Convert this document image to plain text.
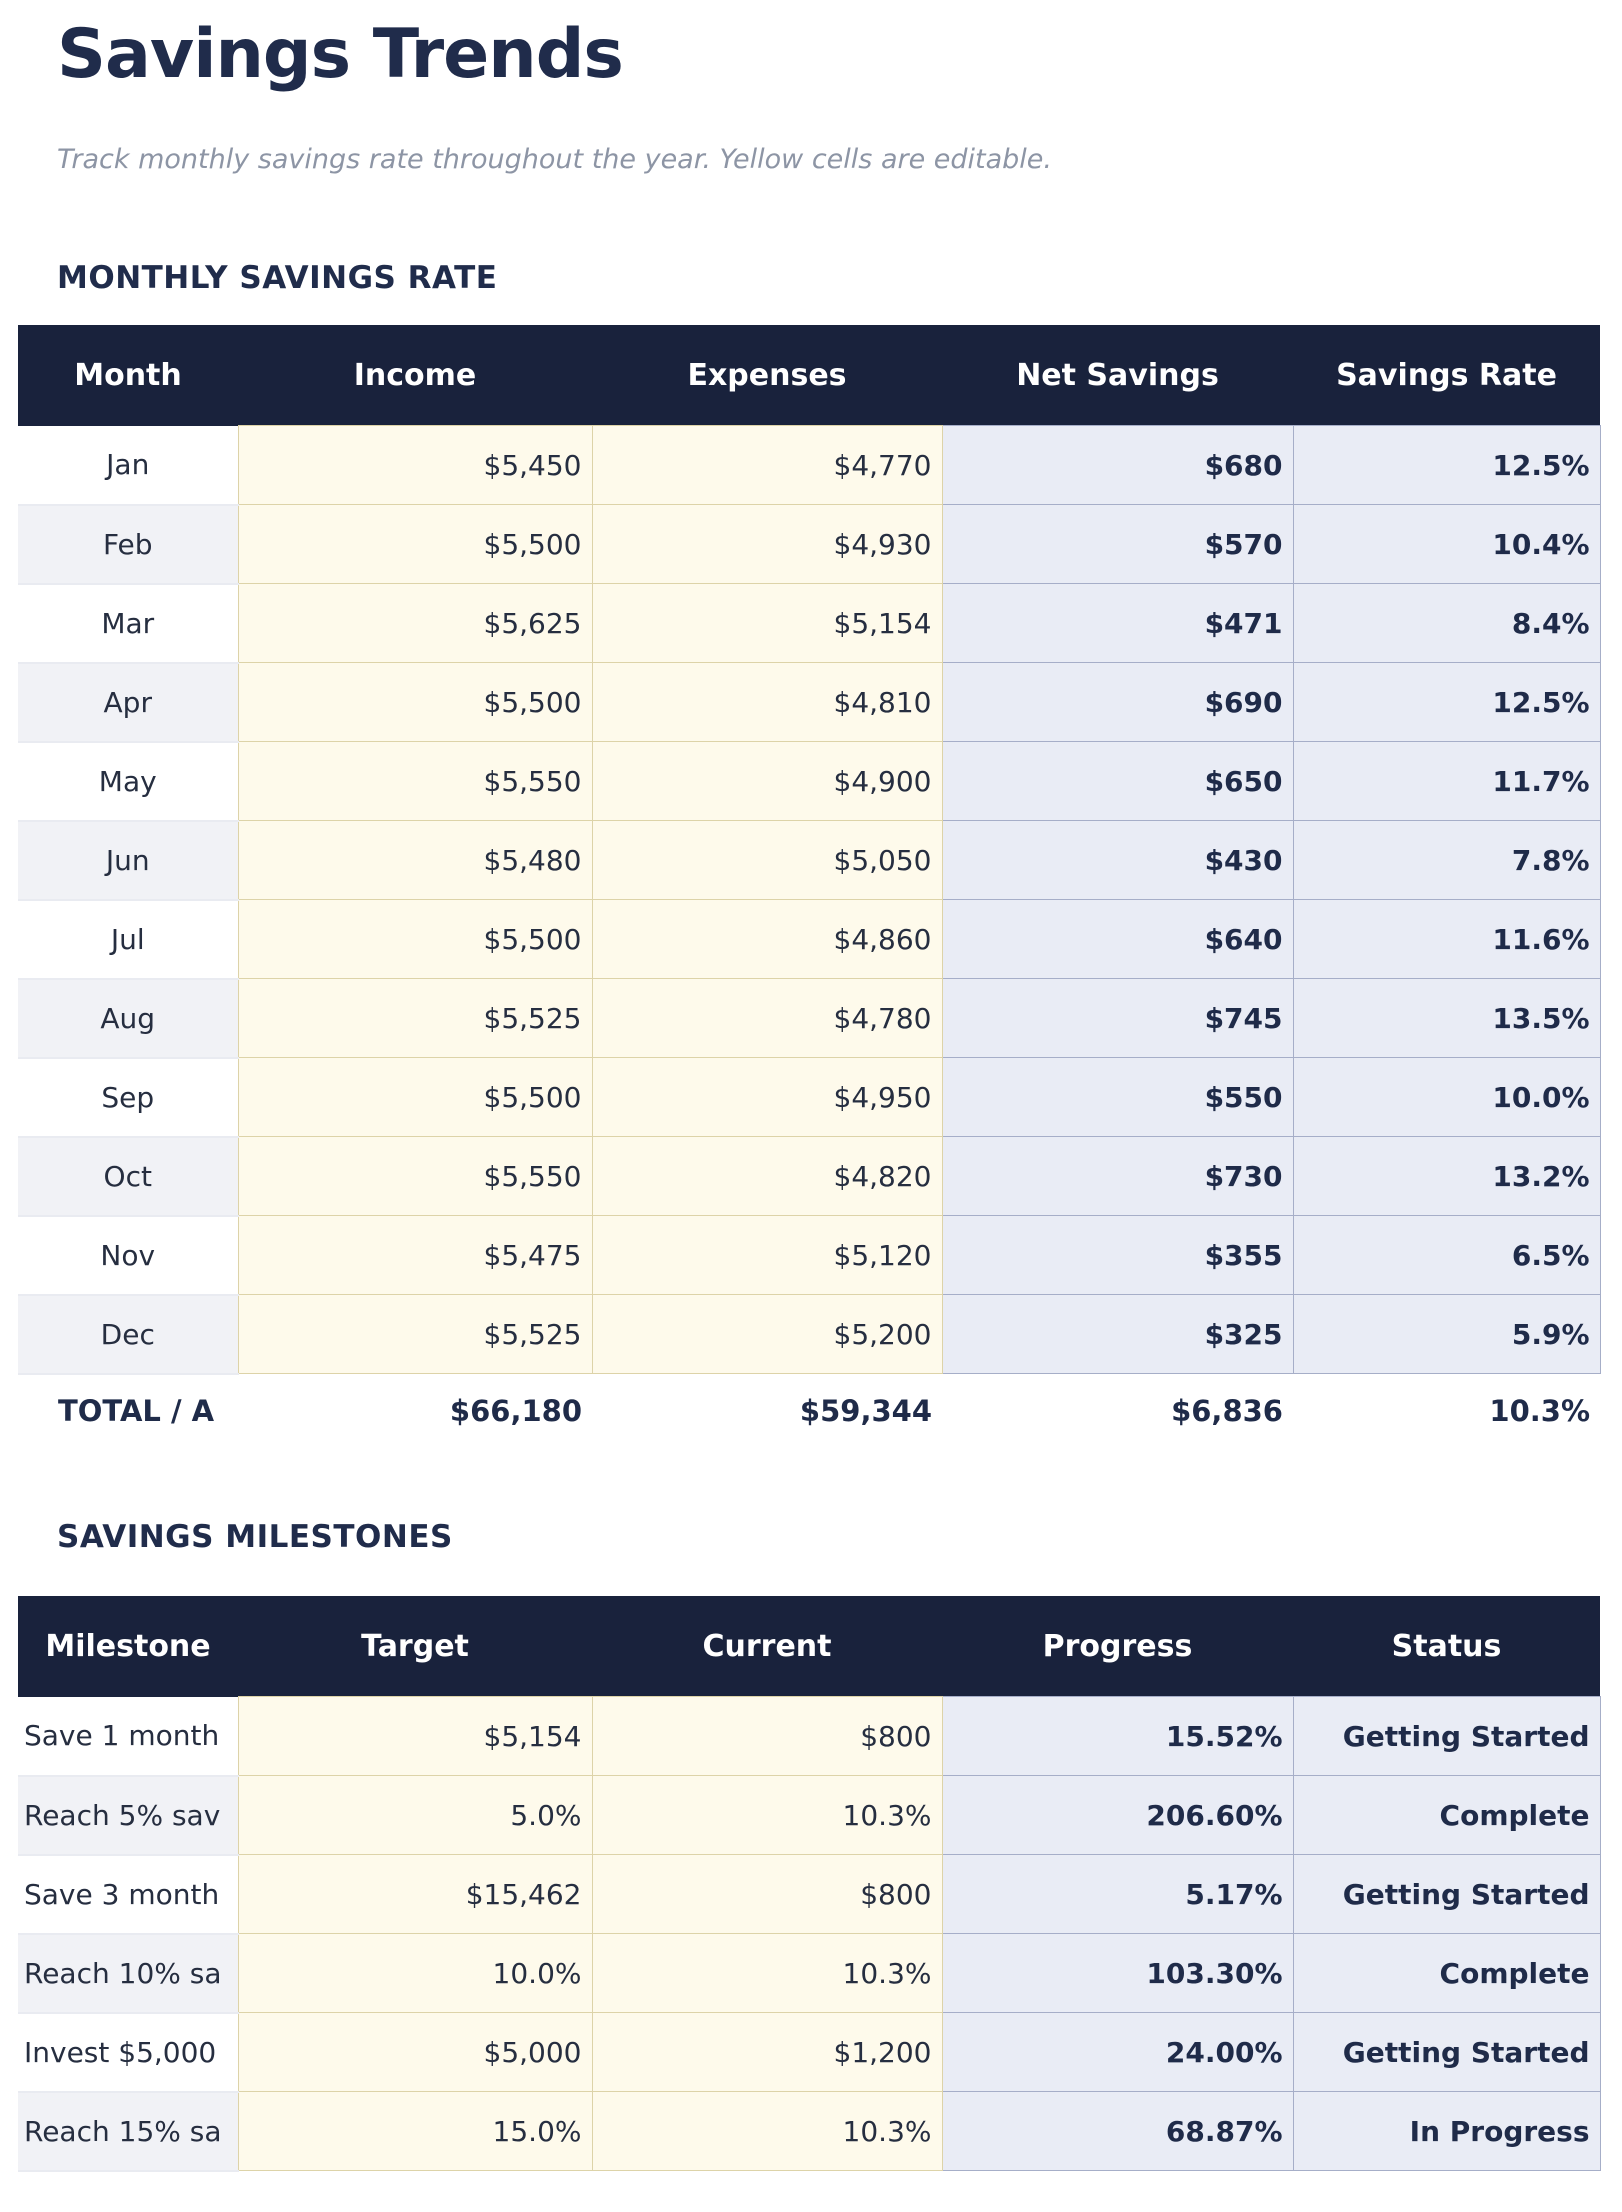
Savings Trends

Track monthly savings rate throughout the year. Yellow cells are editable.

MONTHLY SAVINGS RATE
Month	Income	Expenses	Net Savings	Savings Rate
Jan	$5,450	$4,770	$680	12.5%
Feb	$5,500	$4,930	$570	10.4%
Mar	$5,625	$5,154	$471	8.4%
Apr	$5,500	$4,810	$690	12.5%
May	$5,550	$4,900	$650	11.7%
Jun	$5,480	$5,050	$430	7.8%
Jul	$5,500	$4,860	$640	11.6%
Aug	$5,525	$4,780	$745	13.5%
Sep	$5,500	$4,950	$550	10.0%
Oct	$5,550	$4,820	$730	13.2%
Nov	$5,475	$5,120	$355	6.5%
Dec	$5,525	$5,200	$325	5.9%
TOTAL / A	$66,180	$59,344	$6,836	10.3%
SAVINGS MILESTONES
Milestone	Target	Current	Progress	Status
Save 1 month	$5,154	$800	15.52%	Getting Started
Reach 5% sav	5.0%	10.3%	206.60%	Complete
Save 3 month	$15,462	$800	5.17%	Getting Started
Reach 10% sa	10.0%	10.3%	103.30%	Complete
Invest $5,000	$5,000	$1,200	24.00%	Getting Started
Reach 15% sa	15.0%	10.3%	68.87%	In Progress
